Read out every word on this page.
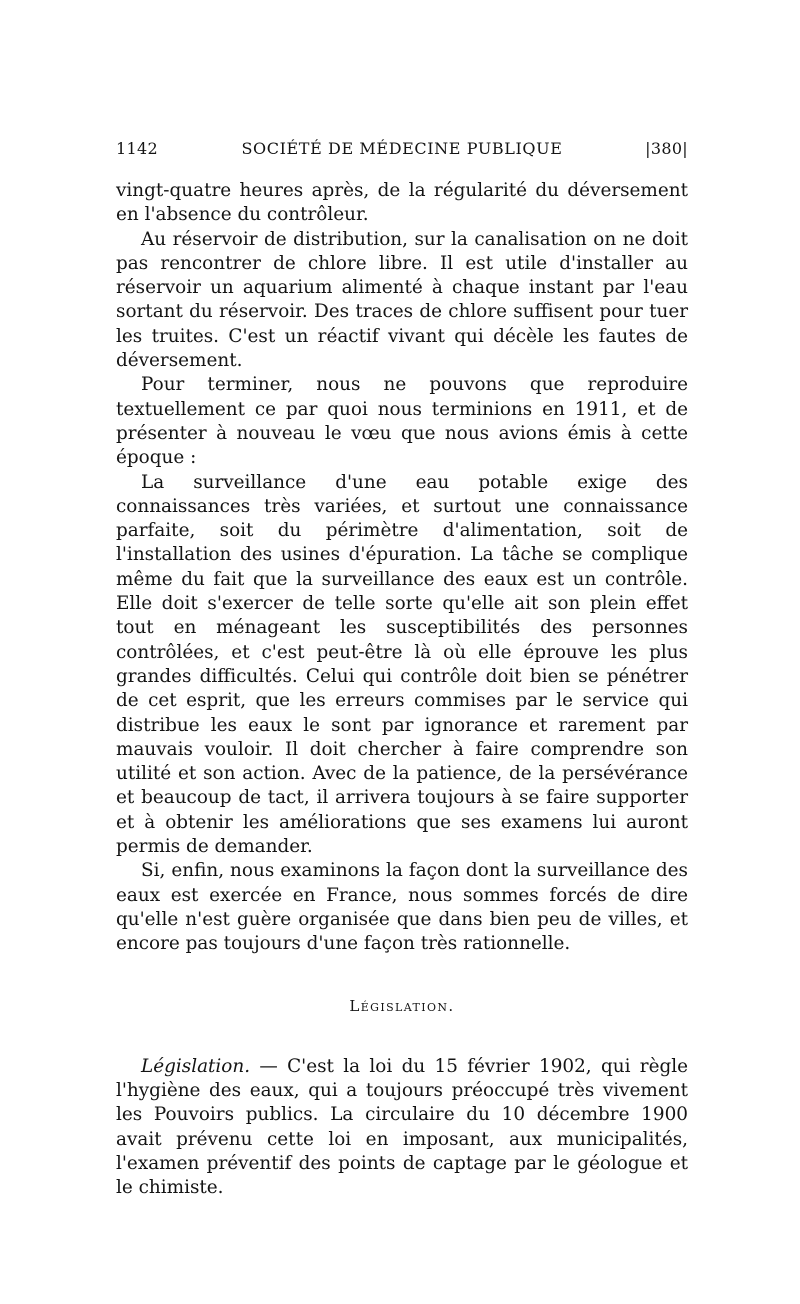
1142	SOCIÉTÉ DE MÉDECINE PUBLIQUE	|380|

vingt-quatre heures après, de la régularité du déversement en l'absence du contrôleur.

Au réservoir de distribution, sur la canalisation on ne doit pas rencontrer de chlore libre. Il est utile d'installer au réservoir un aquarium alimenté à chaque instant par l'eau sortant du réservoir. Des traces de chlore suffisent pour tuer les truites. C'est un réactif vivant qui décèle les fautes de déversement.

Pour terminer, nous ne pouvons que reproduire textuellement ce par quoi nous terminions en 1911, et de présenter à nouveau le vœu que nous avions émis à cette époque :

La surveillance d'une eau potable exige des connaissances très variées, et surtout une connaissance parfaite, soit du périmètre d'alimentation, soit de l'installation des usines d'épuration. La tâche se complique même du fait que la surveillance des eaux est un contrôle. Elle doit s'exercer de telle sorte qu'elle ait son plein effet tout en ménageant les susceptibilités des personnes contrôlées, et c'est peut-être là où elle éprouve les plus grandes difficultés. Celui qui contrôle doit bien se pénétrer de cet esprit, que les erreurs commises par le service qui distribue les eaux le sont par ignorance et rarement par mauvais vouloir. Il doit chercher à faire comprendre son utilité et son action. Avec de la patience, de la persévérance et beaucoup de tact, il arrivera toujours à se faire supporter et à obtenir les améliorations que ses examens lui auront permis de demander.

Si, enfin, nous examinons la façon dont la surveillance des eaux est exercée en France, nous sommes forcés de dire qu'elle n'est guère organisée que dans bien peu de villes, et encore pas toujours d'une façon très rationnelle.

Législation.

Législation. — C'est la loi du 15 février 1902, qui règle l'hygiène des eaux, qui a toujours préoccupé très vivement les Pouvoirs publics. La circulaire du 10 décembre 1900 avait prévenu cette loi en imposant, aux municipalités, l'examen préventif des points de captage par le géologue et le chimiste.
